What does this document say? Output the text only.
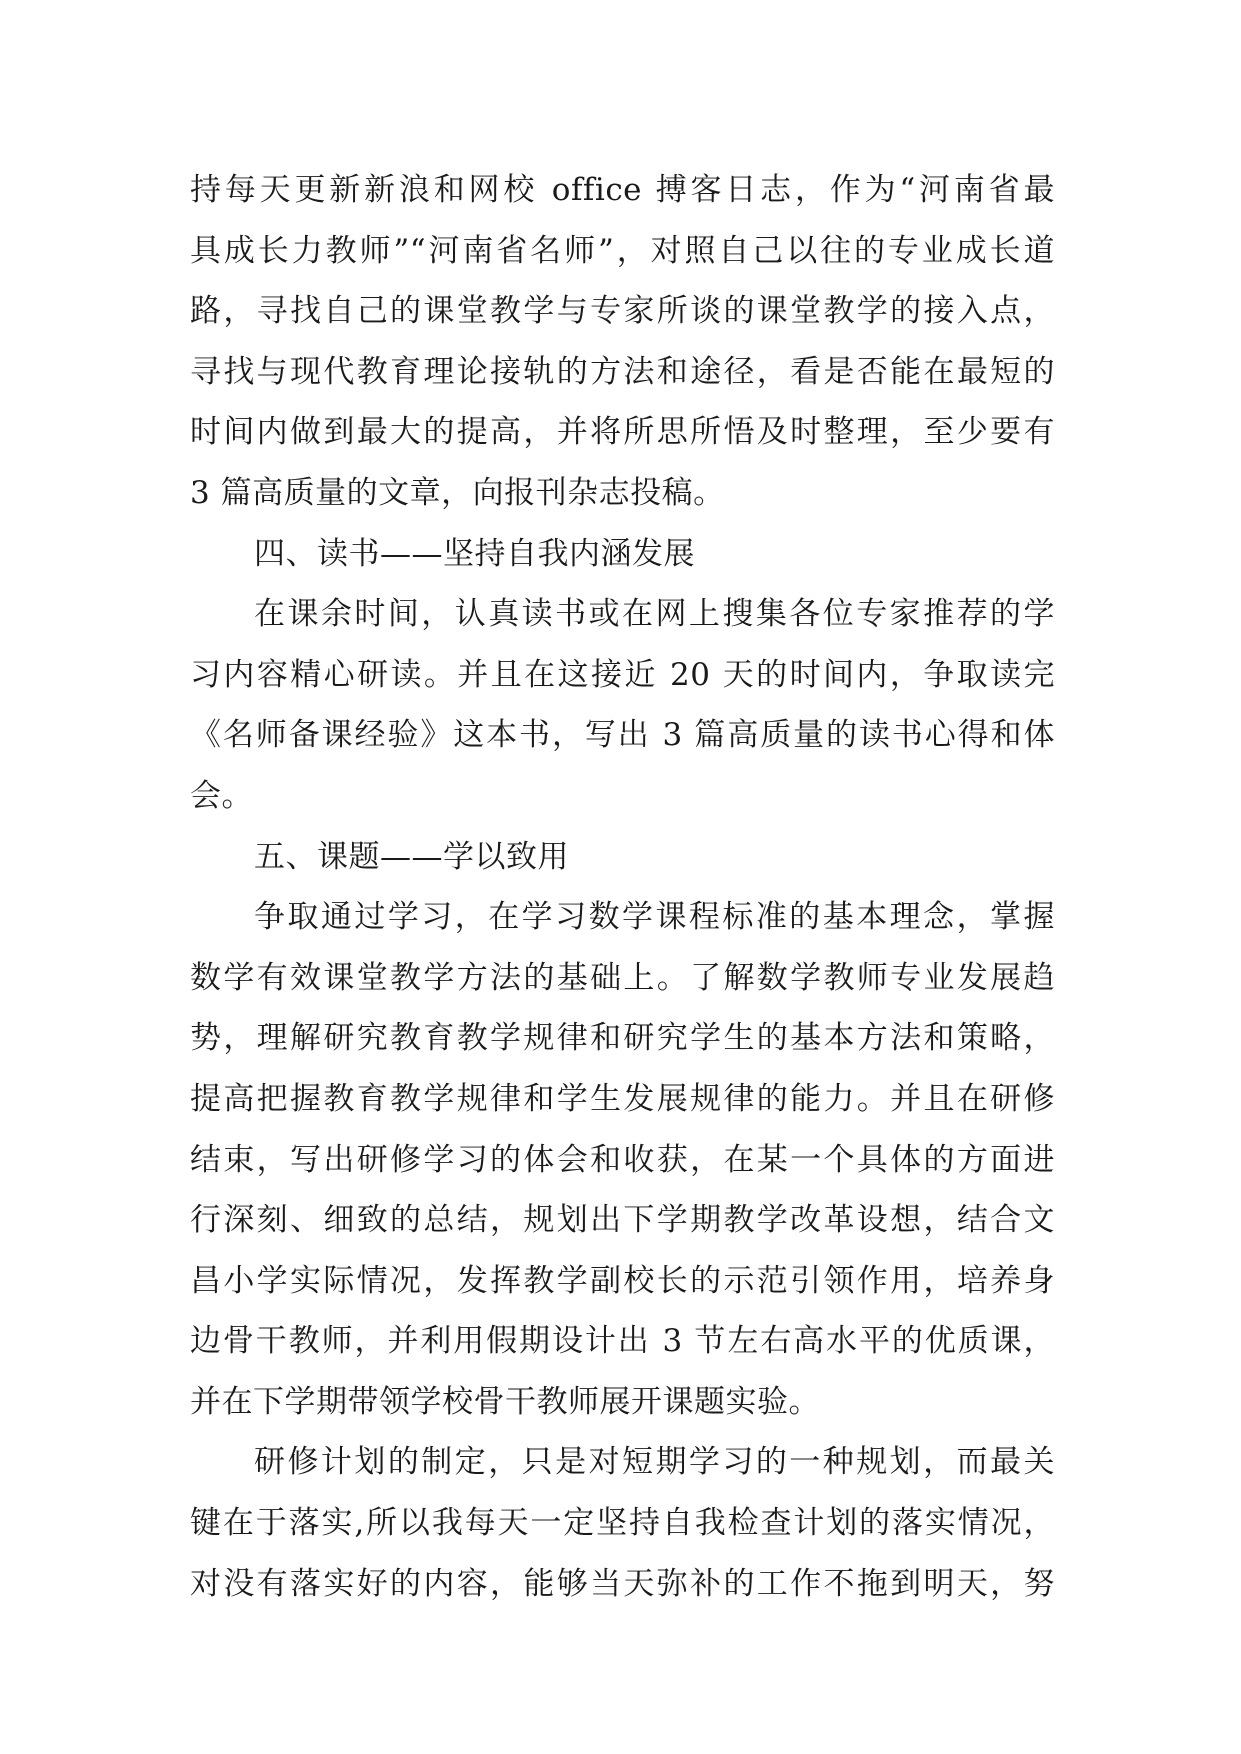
持每天更新新浪和网校 office 搏客日志，作为“河南省最
具成长力教师”“河南省名师”，对照自己以往的专业成长道
路，寻找自己的课堂教学与专家所谈的课堂教学的接入点，
寻找与现代教育理论接轨的方法和途径，看是否能在最短的
时间内做到最大的提高，并将所思所悟及时整理，至少要有
3 篇高质量的文章，向报刊杂志投稿。
四、读书——坚持自我内涵发展
在课余时间，认真读书或在网上搜集各位专家推荐的学
习内容精心研读。并且在这接近 20 天的时间内，争取读完
《名师备课经验》这本书，写出 3 篇高质量的读书心得和体
会。
五、课题——学以致用
争取通过学习，在学习数学课程标准的基本理念，掌握
数学有效课堂教学方法的基础上。了解数学教师专业发展趋
势，理解研究教育教学规律和研究学生的基本方法和策略，
提高把握教育教学规律和学生发展规律的能力。并且在研修
结束，写出研修学习的体会和收获，在某一个具体的方面进
行深刻、细致的总结，规划出下学期教学改革设想，结合文
昌小学实际情况，发挥教学副校长的示范引领作用，培养身
边骨干教师，并利用假期设计出 3 节左右高水平的优质课，
并在下学期带领学校骨干教师展开课题实验。
研修计划的制定，只是对短期学习的一种规划，而最关
键在于落实,所以我每天一定坚持自我检查计划的落实情况，
对没有落实好的内容，能够当天弥补的工作不拖到明天，努
